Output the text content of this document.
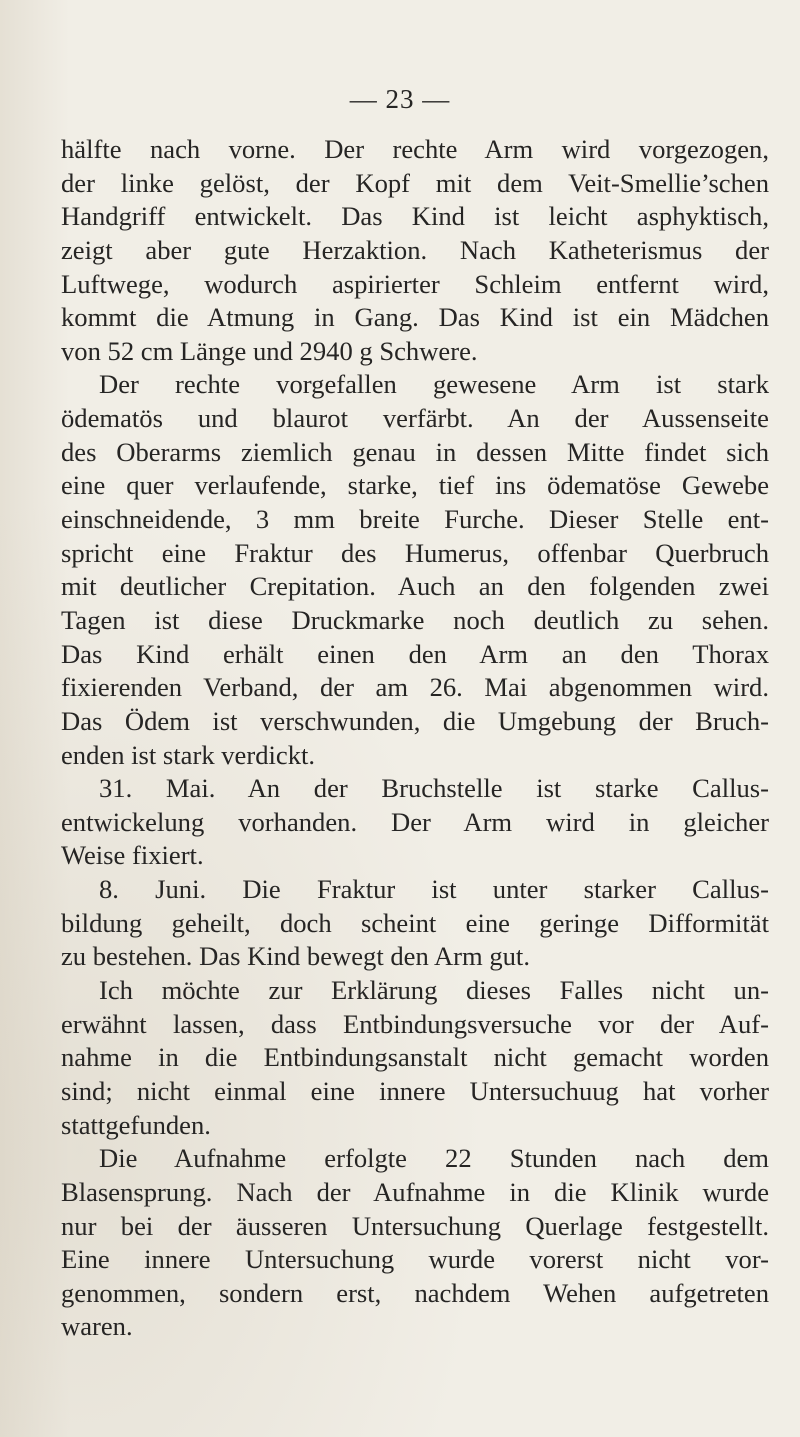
— 23 —
hälfte nach vorne. Der rechte Arm wird vorgezogen,
der linke gelöst, der Kopf mit dem Veit-Smellie’schen
Handgriff entwickelt. Das Kind ist leicht asphyktisch,
zeigt aber gute Herzaktion. Nach Katheterismus der
Luftwege, wodurch aspirierter Schleim entfernt wird,
kommt die Atmung in Gang. Das Kind ist ein Mädchen
von 52 cm Länge und 2940 g Schwere.
Der rechte vorgefallen gewesene Arm ist stark
ödematös und blaurot verfärbt. An der Aussenseite
des Oberarms ziemlich genau in dessen Mitte findet sich
eine quer verlaufende, starke, tief ins ödematöse Gewebe
einschneidende, 3 mm breite Furche. Dieser Stelle ent-
spricht eine Fraktur des Humerus, offenbar Querbruch
mit deutlicher Crepitation. Auch an den folgenden zwei
Tagen ist diese Druckmarke noch deutlich zu sehen.
Das Kind erhält einen den Arm an den Thorax
fixierenden Verband, der am 26. Mai abgenommen wird.
Das Ödem ist verschwunden, die Umgebung der Bruch-
enden ist stark verdickt.
31. Mai. An der Bruchstelle ist starke Callus-
entwickelung vorhanden. Der Arm wird in gleicher
Weise fixiert.
8. Juni. Die Fraktur ist unter starker Callus-
bildung geheilt, doch scheint eine geringe Difformität
zu bestehen. Das Kind bewegt den Arm gut.
Ich möchte zur Erklärung dieses Falles nicht un-
erwähnt lassen, dass Entbindungsversuche vor der Auf-
nahme in die Entbindungsanstalt nicht gemacht worden
sind; nicht einmal eine innere Untersuchuug hat vorher
stattgefunden.
Die Aufnahme erfolgte 22 Stunden nach dem
Blasensprung. Nach der Aufnahme in die Klinik wurde
nur bei der äusseren Untersuchung Querlage festgestellt.
Eine innere Untersuchung wurde vorerst nicht vor-
genommen, sondern erst, nachdem Wehen aufgetreten
waren.
